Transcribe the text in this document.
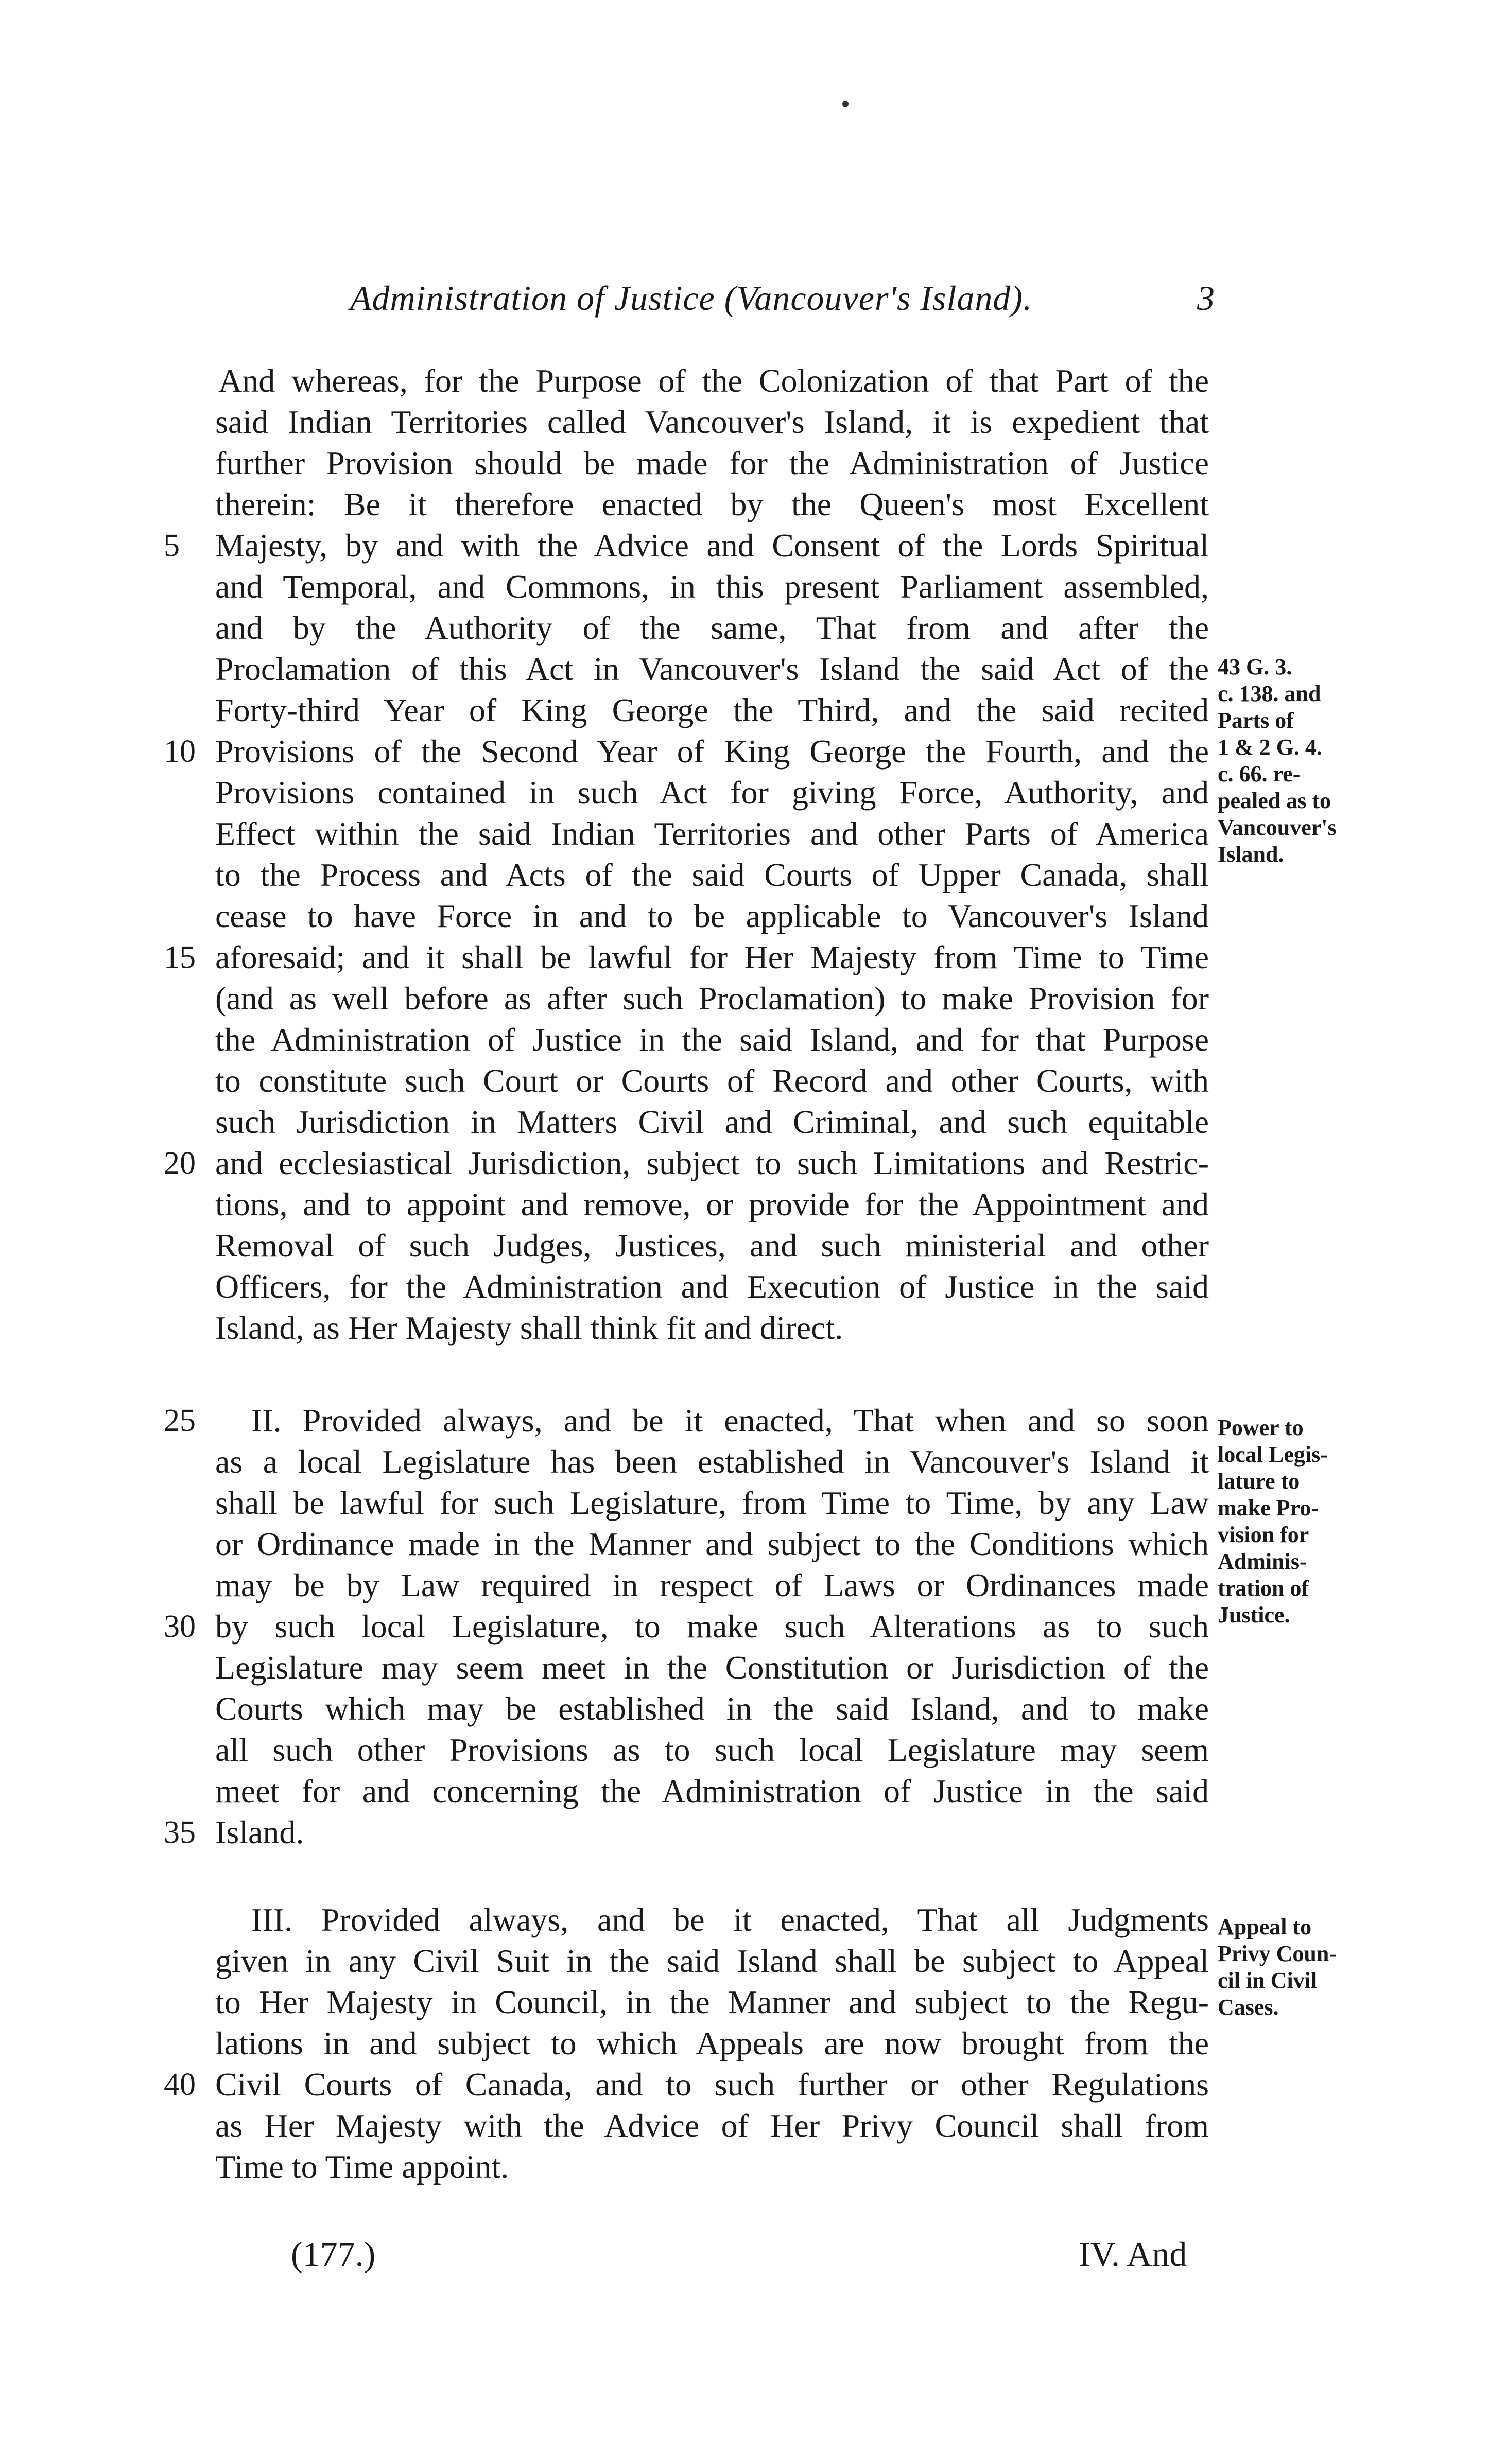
Administration of Justice (Vancouver's Island).	3
And whereas, for the Purpose of the Colonization of that Part of the
said Indian Territories called Vancouver's Island, it is expedient that
further Provision should be made for the Administration of Justice
therein: Be it therefore enacted by the Queen's most Excellent
5 Majesty, by and with the Advice and Consent of the Lords Spiritual
and Temporal, and Commons, in this present Parliament assembled,
and by the Authority of the same, That from and after the
Proclamation of this Act in Vancouver's Island the said Act of the
Forty-third Year of King George the Third, and the said recited
10 Provisions of the Second Year of King George the Fourth, and the
Provisions contained in such Act for giving Force, Authority, and
Effect within the said Indian Territories and other Parts of America
to the Process and Acts of the said Courts of Upper Canada, shall
cease to have Force in and to be applicable to Vancouver's Island
15 aforesaid; and it shall be lawful for Her Majesty from Time to Time
(and as well before as after such Proclamation) to make Provision for
the Administration of Justice in the said Island, and for that Purpose
to constitute such Court or Courts of Record and other Courts, with
such Jurisdiction in Matters Civil and Criminal, and such equitable
20 and ecclesiastical Jurisdiction, subject to such Limitations and Restric-
tions, and to appoint and remove, or provide for the Appointment and
Removal of such Judges, Justices, and such ministerial and other
Officers, for the Administration and Execution of Justice in the said
Island, as Her Majesty shall think fit and direct.
43 G. 3.
c. 138. and
Parts of
1 & 2 G. 4.
c. 66. re-
pealed as to
Vancouver's
Island.
25 II. Provided always, and be it enacted, That when and so soon
as a local Legislature has been established in Vancouver's Island it
shall be lawful for such Legislature, from Time to Time, by any Law
or Ordinance made in the Manner and subject to the Conditions which
may be by Law required in respect of Laws or Ordinances made
30 by such local Legislature, to make such Alterations as to such
Legislature may seem meet in the Constitution or Jurisdiction of the
Courts which may be established in the said Island, and to make
all such other Provisions as to such local Legislature may seem
meet for and concerning the Administration of Justice in the said
35 Island.
Power to
local Legis-
lature to
make Pro-
vision for
Adminis-
tration of
Justice.
III. Provided always, and be it enacted, That all Judgments
given in any Civil Suit in the said Island shall be subject to Appeal
to Her Majesty in Council, in the Manner and subject to the Regu-
lations in and subject to which Appeals are now brought from the
40 Civil Courts of Canada, and to such further or other Regulations
as Her Majesty with the Advice of Her Privy Council shall from
Time to Time appoint.
Appeal to
Privy Coun-
cil in Civil
Cases.
(177.)	IV. And
